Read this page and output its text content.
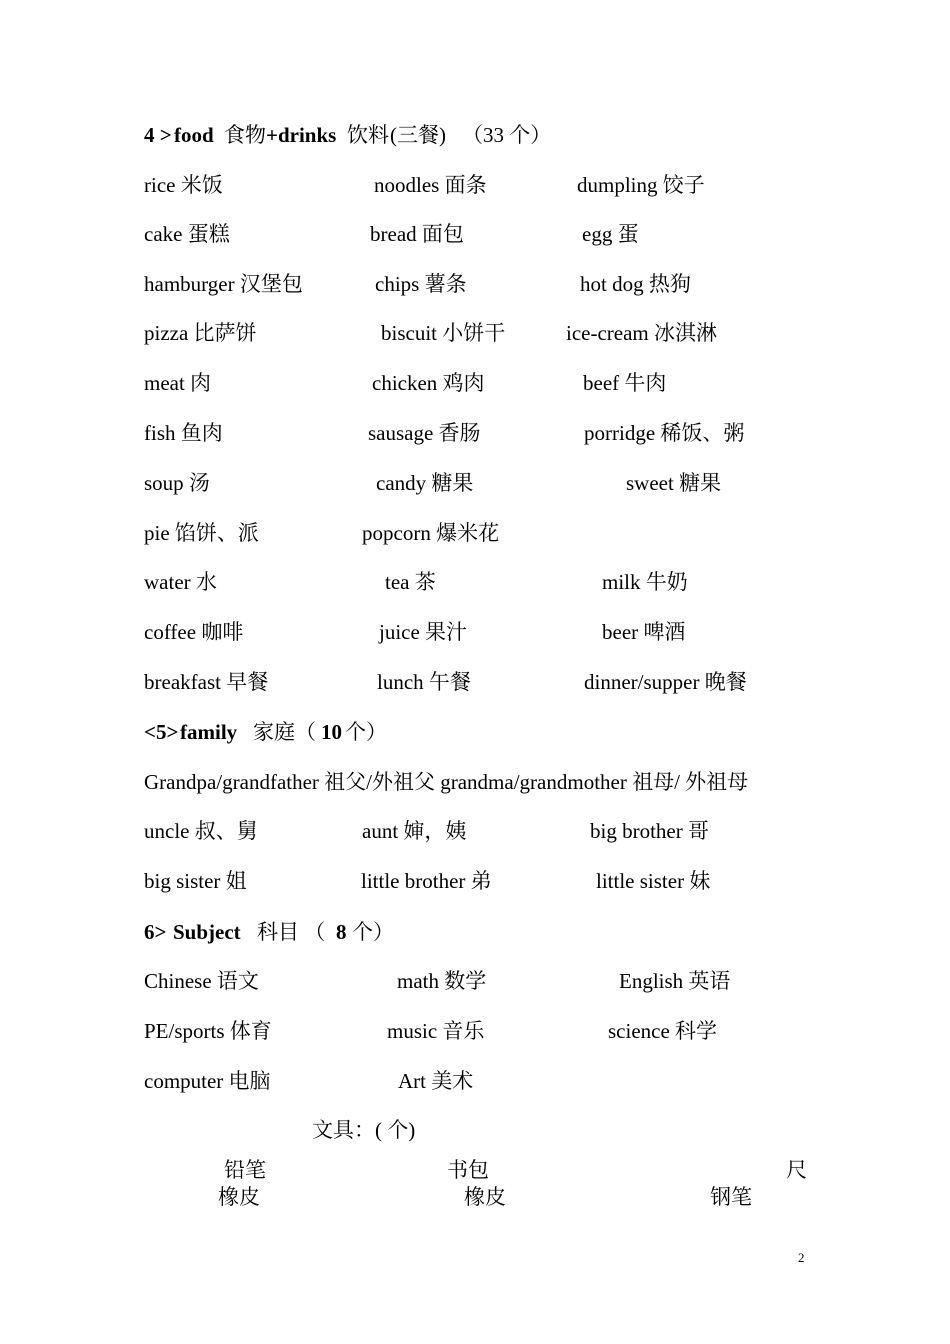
4 > food 食物 +drinks 饮料 (三餐) （33 个）
rice 米饭	noodles 面条	dumpling 饺子
cake 蛋糕	bread 面包	egg 蛋
hamburger 汉堡包	chips 薯条	hot dog 热狗
pizza 比萨饼	biscuit 小饼干	ice-cream 冰淇淋
meat 肉	chicken 鸡肉	beef 牛肉
fish 鱼肉	sausage 香肠	porridge 稀饭、粥
soup 汤	candy 糖果	sweet 糖果
pie 馅饼、派	popcorn 爆米花
water 水	tea 茶	milk 牛奶
coffee 咖啡	juice 果汁	beer 啤酒
breakfast 早餐	lunch 午餐	dinner/supper 晚餐
<5> family 家庭（ 10 个）
Grandpa/grandfather 祖父/外祖父 grandma/grandmother 祖母/ 外祖母
uncle 叔、舅	aunt 婶，姨	big brother 哥
big sister 姐	little brother 弟	little sister 妹
6> Subject 科目 （ 8 个）
Chinese 语文	math 数学	English 英语
PE/sports 体育	music 音乐	science 科学
computer 电脑	Art 美术
文具：( 个)
铅笔	书包	尺
橡皮	橡皮	钢笔
2
